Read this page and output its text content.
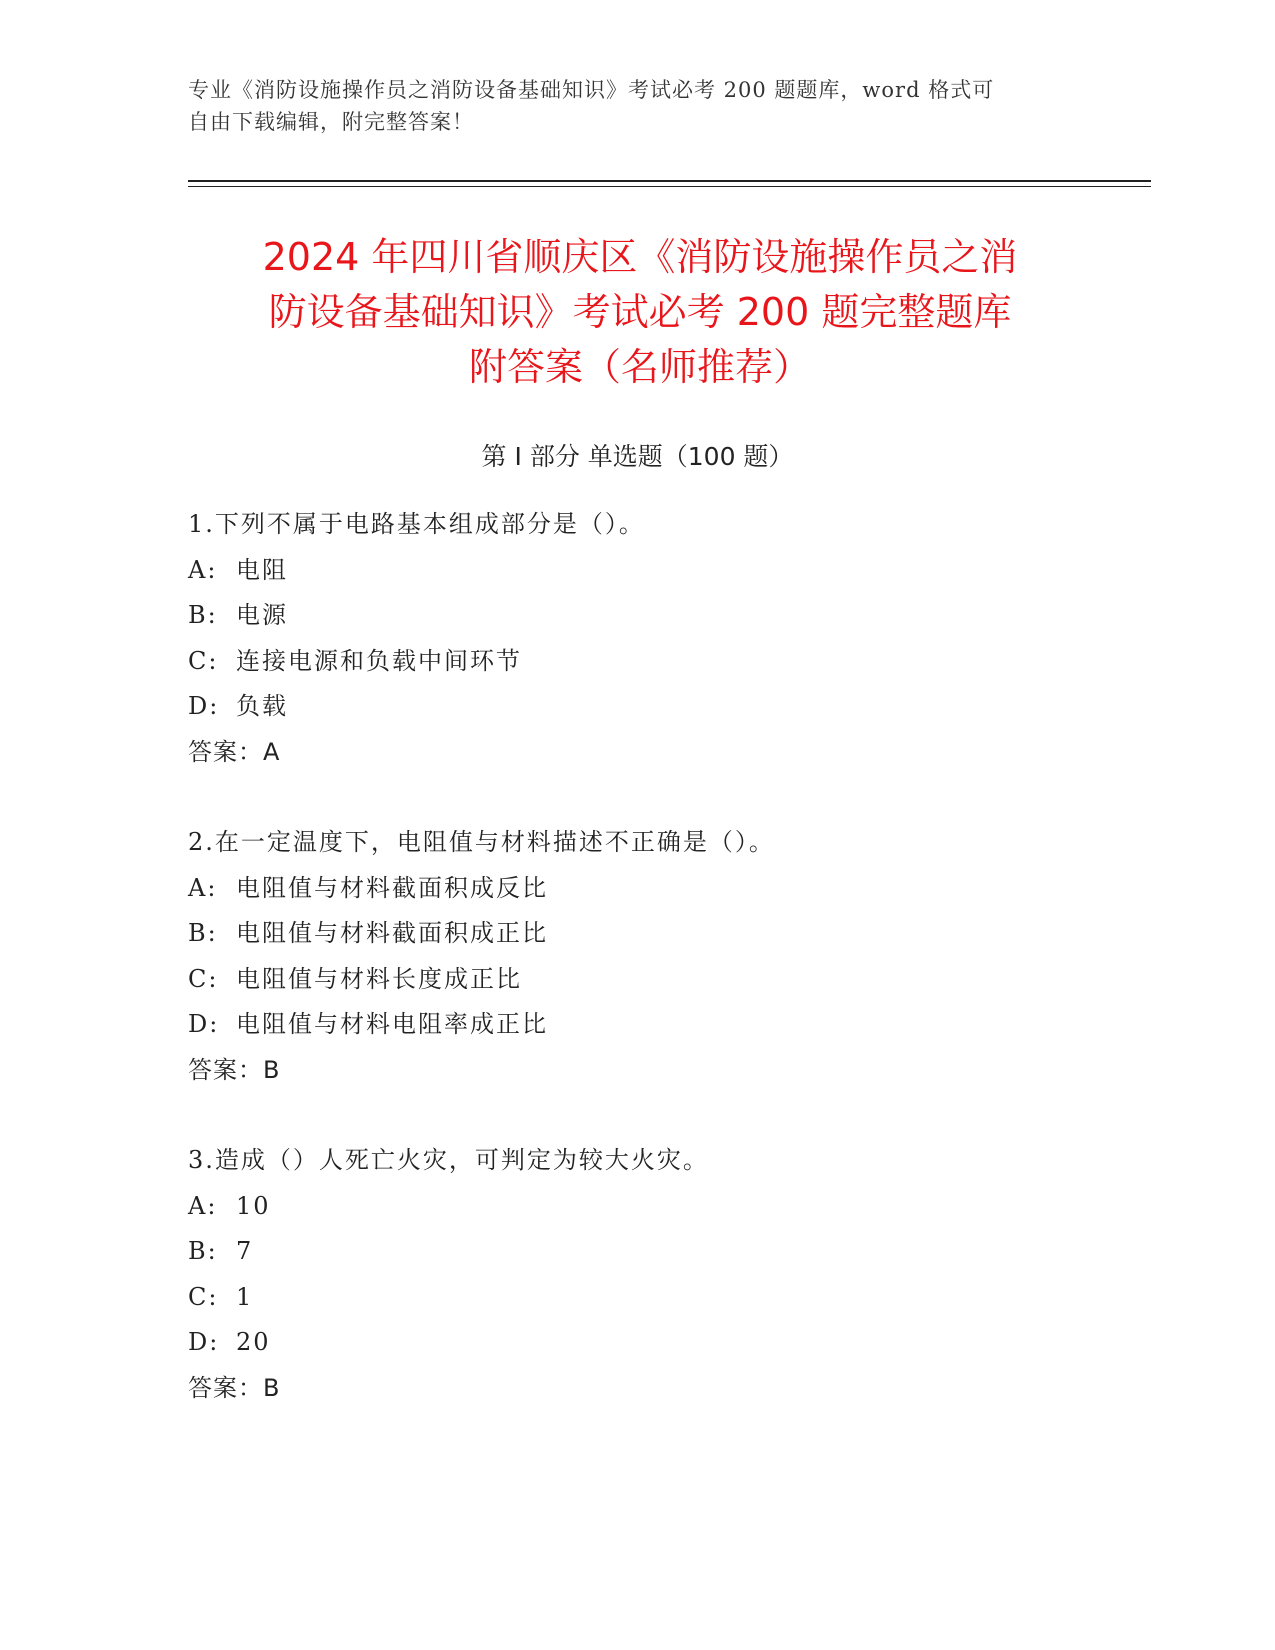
专业《消防设施操作员之消防设备基础知识》考试必考 200 题题库，word 格式可
自由下载编辑，附完整答案！
2024 年四川省顺庆区《消防设施操作员之消
防设备基础知识》考试必考 200 题完整题库
附答案（名师推荐）
第 I 部分 单选题（100 题）
1.下列不属于电路基本组成部分是（）。
A: 电阻
B: 电源
C: 连接电源和负载中间环节
D: 负载
答案：A
2.在一定温度下，电阻值与材料描述不正确是（）。
A: 电阻值与材料截面积成反比
B: 电阻值与材料截面积成正比
C: 电阻值与材料长度成正比
D: 电阻值与材料电阻率成正比
答案：B
3.造成（）人死亡火灾，可判定为较大火灾。
A: 10
B: 7
C: 1
D: 20
答案：B
